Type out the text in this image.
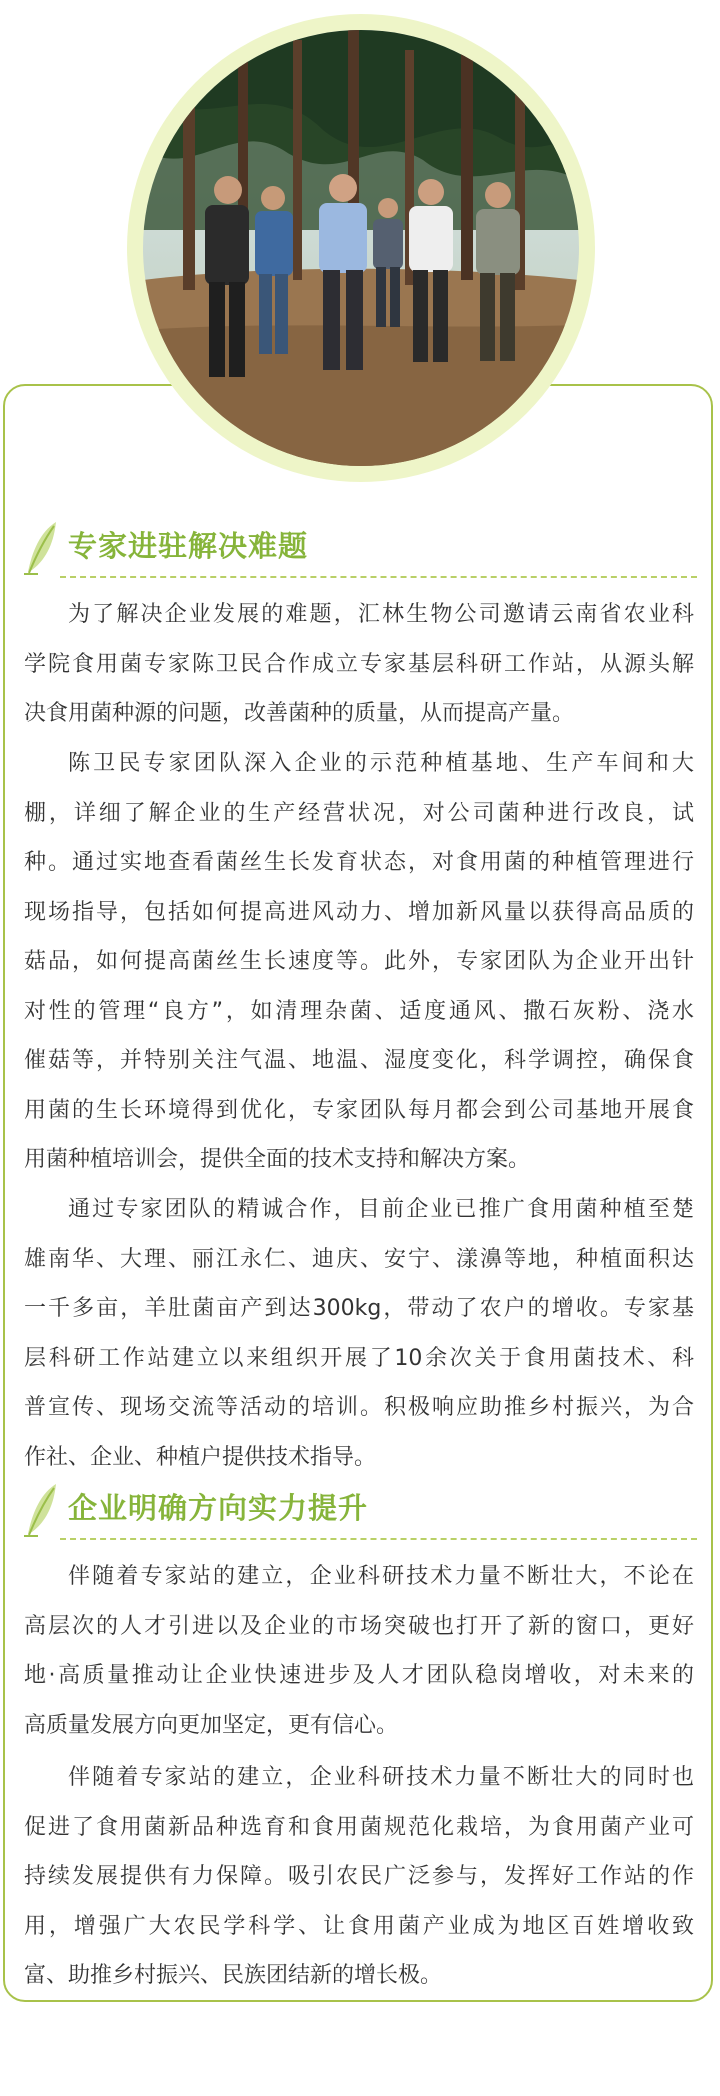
专家进驻解决难题
为了解决企业发展的难题，汇林生物公司邀请云南省农业科
学院食用菌专家陈卫民合作成立专家基层科研工作站，从源头解
决食用菌种源的问题，改善菌种的质量，从而提高产量。
陈卫民专家团队深入企业的示范种植基地、生产车间和大
棚，详细了解企业的生产经营状况，对公司菌种进行改良，试
种。通过实地查看菌丝生长发育状态，对食用菌的种植管理进行
现场指导，包括如何提高进风动力、增加新风量以获得高品质的
菇品，如何提高菌丝生长速度等。此外，专家团队为企业开出针
对性的管理“良方”，如清理杂菌、适度通风、撒石灰粉、浇水
催菇等，并特别关注气温、地温、湿度变化，科学调控，确保食
用菌的生长环境得到优化，专家团队每月都会到公司基地开展食
用菌种植培训会，提供全面的技术支持和解决方案。
通过专家团队的精诚合作，目前企业已推广食用菌种植至楚
雄南华、大理、丽江永仁、迪庆、安宁、漾濞等地，种植面积达
一千多亩，羊肚菌亩产到达300kg，带动了农户的增收。专家基
层科研工作站建立以来组织开展了10余次关于食用菌技术、科
普宣传、现场交流等活动的培训。积极响应助推乡村振兴，为合
作社、企业、种植户提供技术指导。
企业明确方向实力提升
伴随着专家站的建立，企业科研技术力量不断壮大，不论在
高层次的人才引进以及企业的市场突破也打开了新的窗口，更好
地·高质量推动让企业快速进步及人才团队稳岗增收，对未来的
高质量发展方向更加坚定，更有信心。
伴随着专家站的建立，企业科研技术力量不断壮大的同时也
促进了食用菌新品种选育和食用菌规范化栽培，为食用菌产业可
持续发展提供有力保障。吸引农民广泛参与，发挥好工作站的作
用，增强广大农民学科学、让食用菌产业成为地区百姓增收致
富、助推乡村振兴、民族团结新的增长极。
